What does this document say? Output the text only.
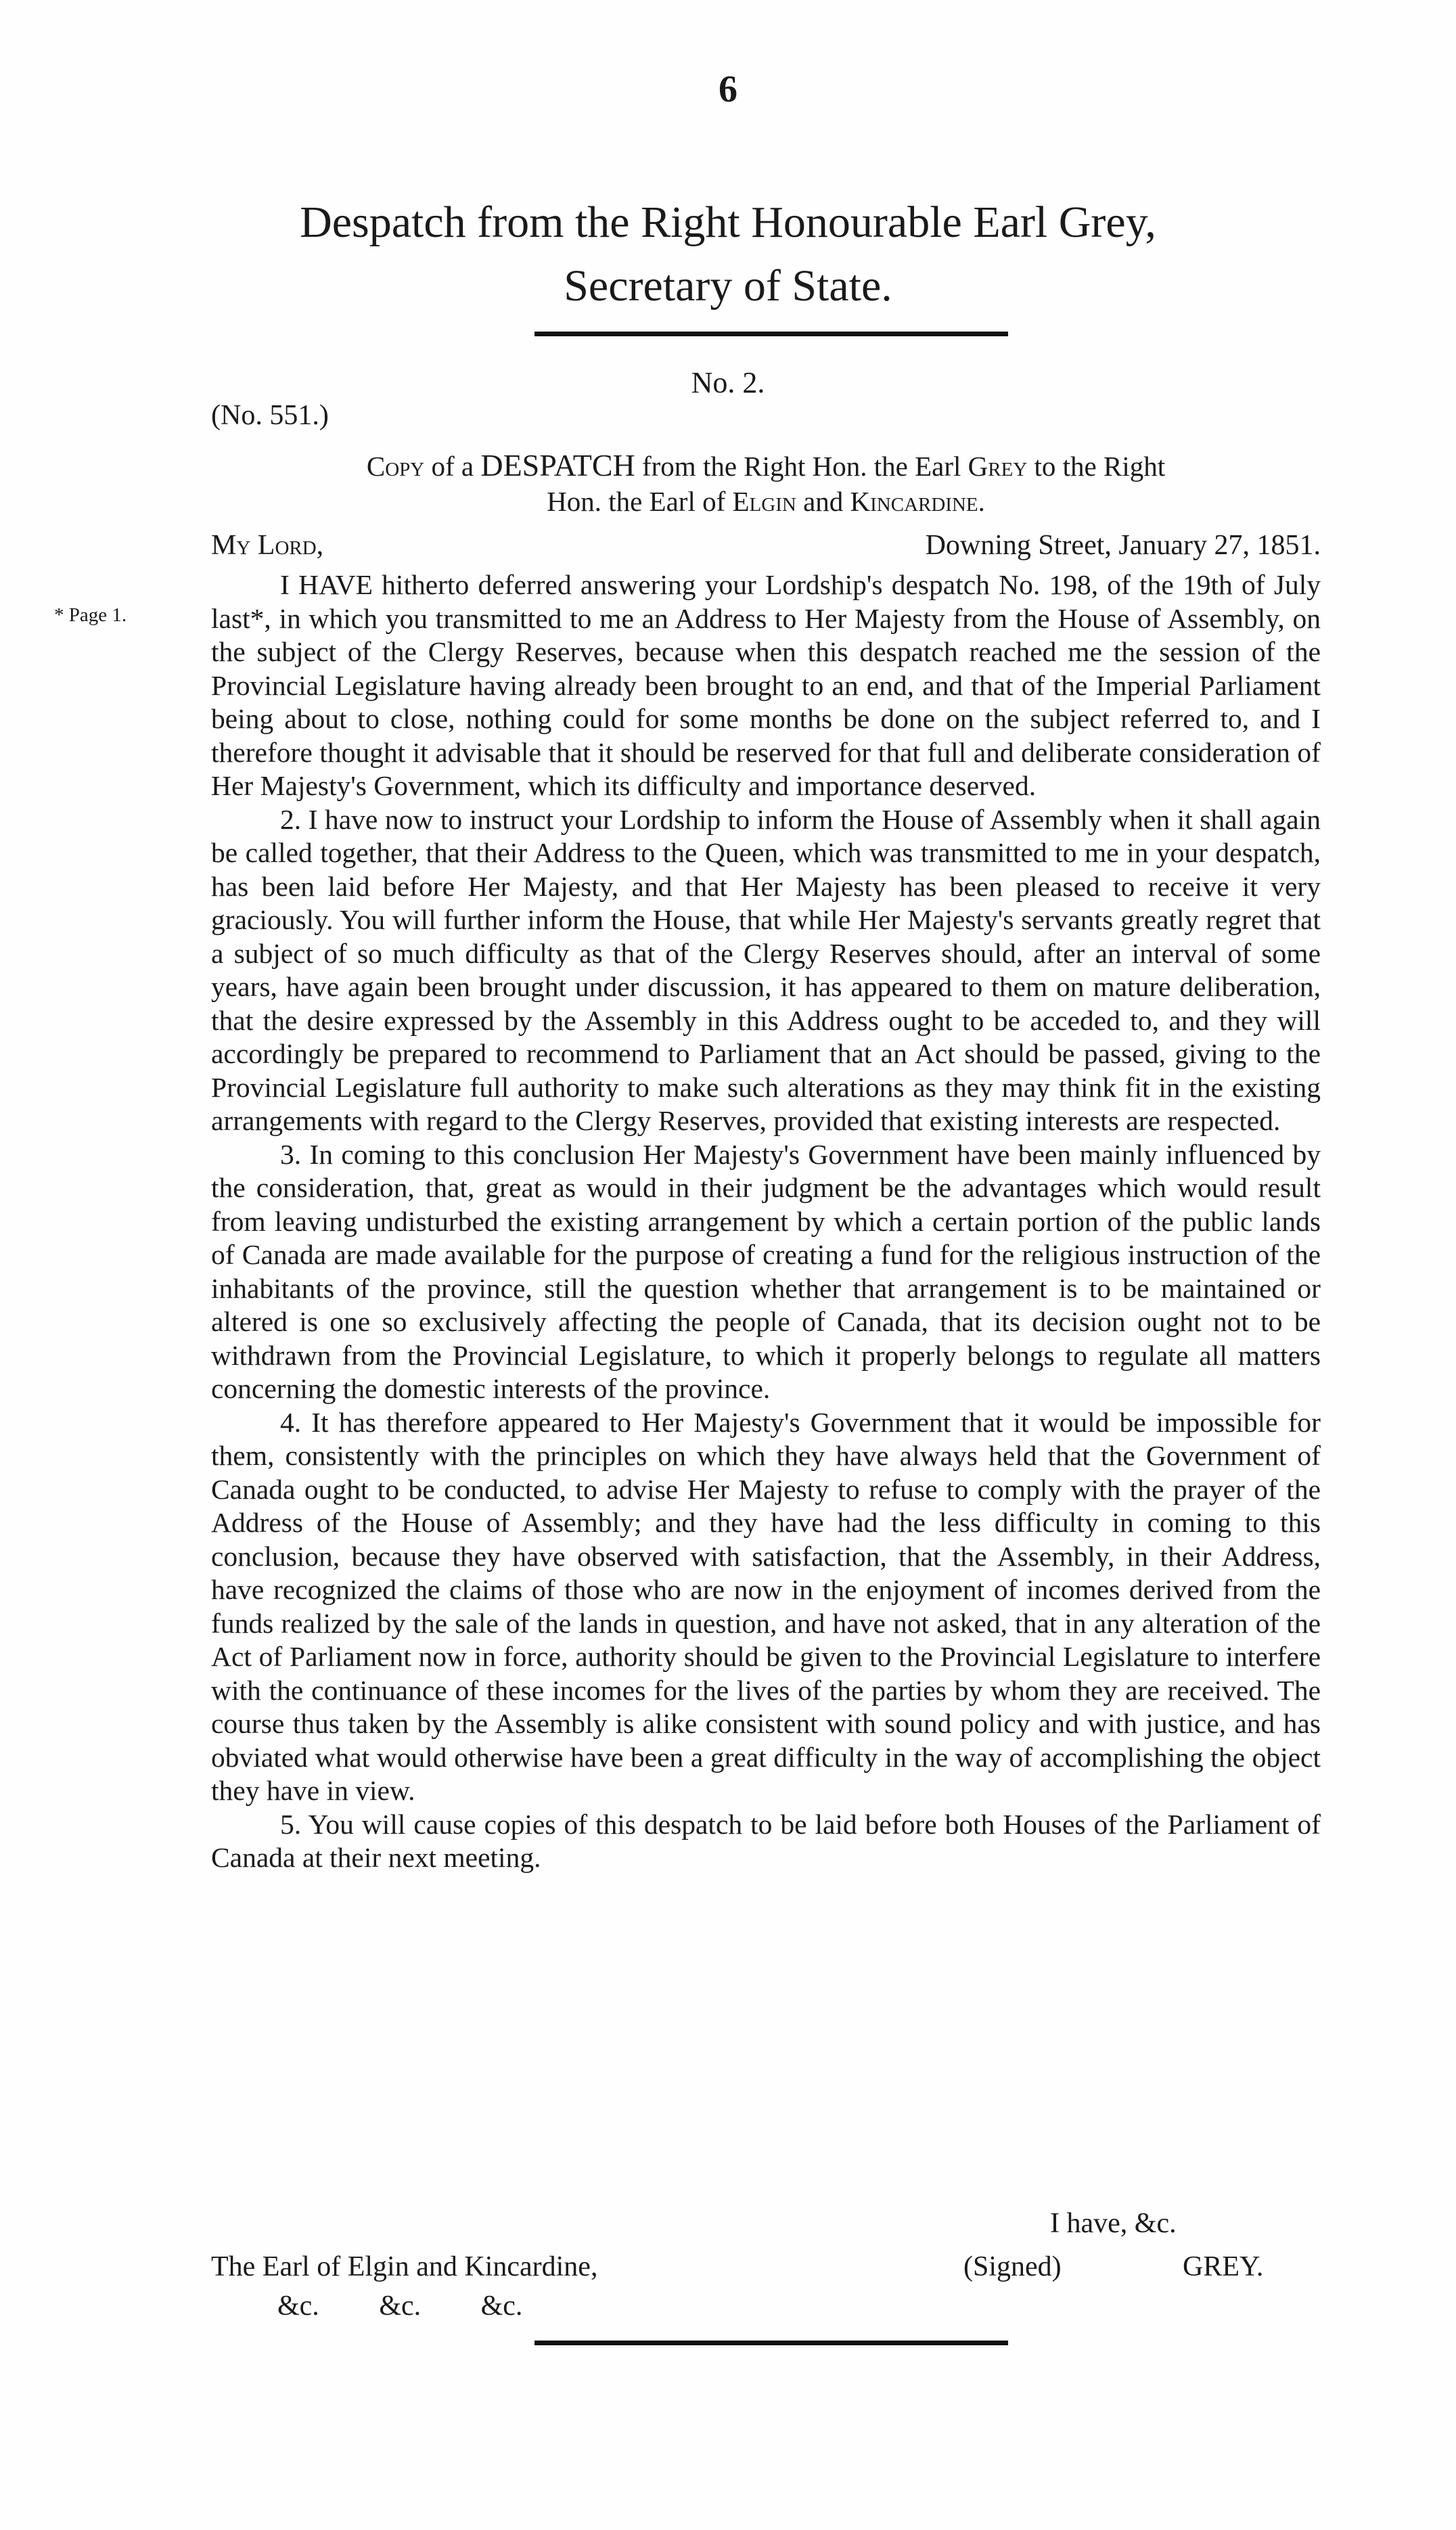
6
Despatch from the Right Honourable Earl Grey,
Secretary of State.
No. 2.
(No. 551.)
Copy of a DESPATCH from the Right Hon. the Earl Grey to the Right
Hon. the Earl of Elgin and Kincardine.
My Lord,	Downing Street, January 27, 1851.
* Page 1.

I HAVE hitherto deferred answering your Lordship's despatch No. 198, of the 19th of July last*, in which you transmitted to me an Address to Her Majesty from the House of Assembly, on the subject of the Clergy Reserves, because when this despatch reached me the session of the Provincial Legislature having already been brought to an end, and that of the Imperial Parliament being about to close, nothing could for some months be done on the subject referred to, and I therefore thought it advisable that it should be reserved for that full and deliberate consideration of Her Majesty's Government, which its difficulty and importance deserved.

2. I have now to instruct your Lordship to inform the House of Assembly when it shall again be called together, that their Address to the Queen, which was transmitted to me in your despatch, has been laid before Her Majesty, and that Her Majesty has been pleased to receive it very graciously. You will further inform the House, that while Her Majesty's servants greatly regret that a subject of so much difficulty as that of the Clergy Reserves should, after an interval of some years, have again been brought under discussion, it has appeared to them on mature deliberation, that the desire expressed by the Assembly in this Address ought to be acceded to, and they will accordingly be prepared to recommend to Parliament that an Act should be passed, giving to the Provincial Legislature full authority to make such alterations as they may think fit in the existing arrangements with regard to the Clergy Reserves, provided that existing interests are respected.

3. In coming to this conclusion Her Majesty's Government have been mainly influenced by the consideration, that, great as would in their judgment be the advantages which would result from leaving undisturbed the existing arrangement by which a certain portion of the public lands of Canada are made available for the purpose of creating a fund for the religious instruction of the inhabitants of the province, still the question whether that arrangement is to be maintained or altered is one so exclusively affecting the people of Canada, that its decision ought not to be withdrawn from the Provincial Legislature, to which it properly belongs to regulate all matters concerning the domestic interests of the province.

4. It has therefore appeared to Her Majesty's Government that it would be impossible for them, consistently with the principles on which they have always held that the Government of Canada ought to be conducted, to advise Her Majesty to refuse to comply with the prayer of the Address of the House of Assembly; and they have had the less difficulty in coming to this conclusion, because they have observed with satisfaction, that the Assembly, in their Address, have recognized the claims of those who are now in the enjoyment of incomes derived from the funds realized by the sale of the lands in question, and have not asked, that in any alteration of the Act of Parliament now in force, authority should be given to the Provincial Legislature to interfere with the continuance of these incomes for the lives of the parties by whom they are received. The course thus taken by the Assembly is alike consistent with sound policy and with justice, and has obviated what would otherwise have been a great difficulty in the way of accomplishing the object they have in view.

5. You will cause copies of this despatch to be laid before both Houses of the Parliament of Canada at their next meeting.

I have, &c.
The Earl of Elgin and Kincardine,	(Signed)	GREY.
&c. &c. &c.
